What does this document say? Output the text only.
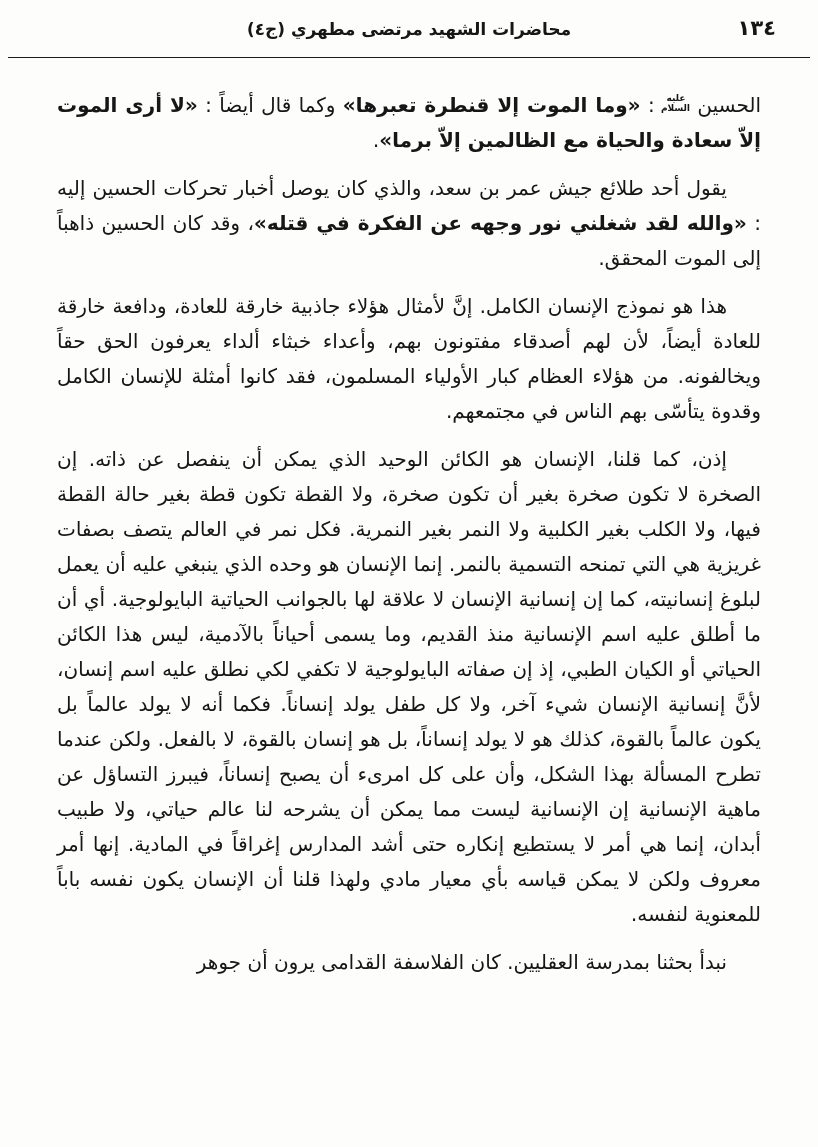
١٣٤
محاضرات الشهيد مرتضى مطهري (ج٤)

الحسين عليه السلام : «وما الموت إلا قنطرة تعبرها» وكما قال أيضاً : «لا أرى الموت إلاّ سعادة والحياة مع الظالمين إلاّ برما».

يقول أحد طلائع جيش عمر بن سعد، والذي كان يوصل أخبار تحركات الحسين إليه : «والله لقد شغلني نور وجهه عن الفكرة في قتله»، وقد كان الحسين ذاهباً إلى الموت المحقق.

هذا هو نموذج الإنسان الكامل. إنَّ لأمثال هؤلاء جاذبية خارقة للعادة، ودافعة خارقة للعادة أيضاً، لأن لهم أصدقاء مفتونون بهم، وأعداء خبثاء ألداء يعرفون الحق حقاً ويخالفونه. من هؤلاء العظام كبار الأولياء المسلمون، فقد كانوا أمثلة للإنسان الكامل وقدوة يتأسّى بهم الناس في مجتمعهم.

إذن، كما قلنا، الإنسان هو الكائن الوحيد الذي يمكن أن ينفصل عن ذاته. إن الصخرة لا تكون صخرة بغير أن تكون صخرة، ولا القطة تكون قطة بغير حالة القطة فيها، ولا الكلب بغير الكلبية ولا النمر بغير النمرية. فكل نمر في العالم يتصف بصفات غريزية هي التي تمنحه التسمية بالنمر. إنما الإنسان هو وحده الذي ينبغي عليه أن يعمل لبلوغ إنسانيته، كما إن إنسانية الإنسان لا علاقة لها بالجوانب الحياتية البايولوجية. أي أن ما أطلق عليه اسم الإنسانية منذ القديم، وما يسمى أحياناً بالآدمية، ليس هذا الكائن الحياتي أو الكيان الطبي، إذ إن صفاته البايولوجية لا تكفي لكي نطلق عليه اسم إنسان، لأنَّ إنسانية الإنسان شيء آخر، ولا كل طفل يولد إنساناً. فكما أنه لا يولد عالماً بل يكون عالماً بالقوة، كذلك هو لا يولد إنساناً، بل هو إنسان بالقوة، لا بالفعل. ولكن عندما تطرح المسألة بهذا الشكل، وأن على كل امرىء أن يصبح إنساناً، فيبرز التساؤل عن ماهية الإنسانية إن الإنسانية ليست مما يمكن أن يشرحه لنا عالم حياتي، ولا طبيب أبدان، إنما هي أمر لا يستطيع إنكاره حتى أشد المدارس إغراقاً في المادية. إنها أمر معروف ولكن لا يمكن قياسه بأي معيار مادي ولهذا قلنا أن الإنسان يكون نفسه باباً للمعنوية لنفسه.

نبدأ بحثنا بمدرسة العقليين. كان الفلاسفة القدامى يرون أن جوهر
